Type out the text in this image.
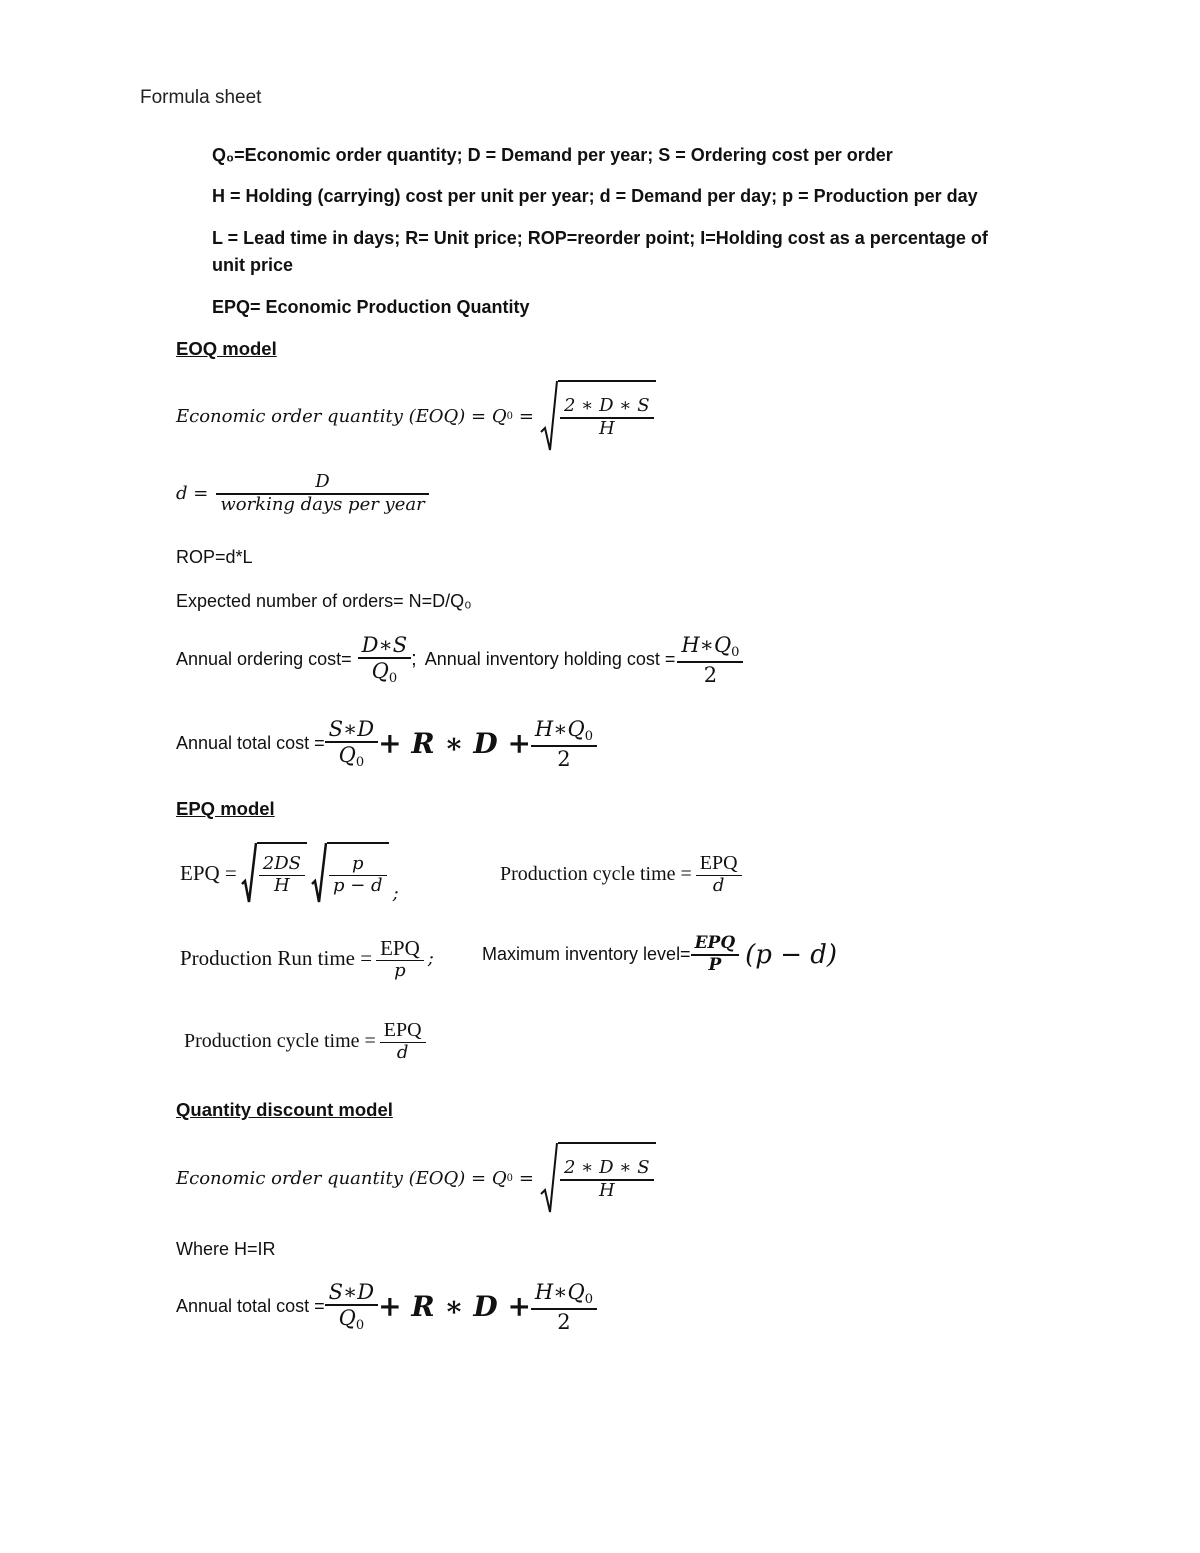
Formula sheet
Q₀=Economic order quantity; D = Demand per year; S = Ordering cost per order
H = Holding (carrying) cost per unit per year; d = Demand per day; p = Production per day
L = Lead time in days; R= Unit price; ROP=reorder point; I=Holding cost as a percentage of
unit price
EPQ= Economic Production Quantity
EOQ model
Economic order quantity (EOQ) = Q $0 = \frac{2 ∗ D ∗ S}{H}$
$d = \frac{D}{\text{working days per year}}$
ROP=d*L
Expected number of orders= N=D/Q₀
Annual ordering $\cos t= \frac{D∗S}{Q_0}$ ; Annual inventory holding $\cos t = \frac{H∗Q_0}{2}$
Annual total $\cos t = \frac{S∗D}{Q_0} + R$ ∗ $D + \frac{H∗Q_0}{2}$
EPQ model
EPQ = $\frac{2DS}{H} \frac{p}{p - d}$ ;
Production cycle time = $\frac{\text{EPQ}}{d}$
Production Run time = $\frac{\text{EPQ}}{p}$ ;	Maximum inventory level= $\frac{\text{EPQ}}{P} (p - d)$
Production cycle time = $\frac{\text{EPQ}}{d}$
Quantity discount model
Economic order quantity (EOQ) = Q $0 = \frac{2 ∗ D ∗ S}{H}$
Where H=IR
Annual total $\cos t = \frac{S∗D}{Q_0} + R$ ∗ $D + \frac{H∗Q_0}{2}$
